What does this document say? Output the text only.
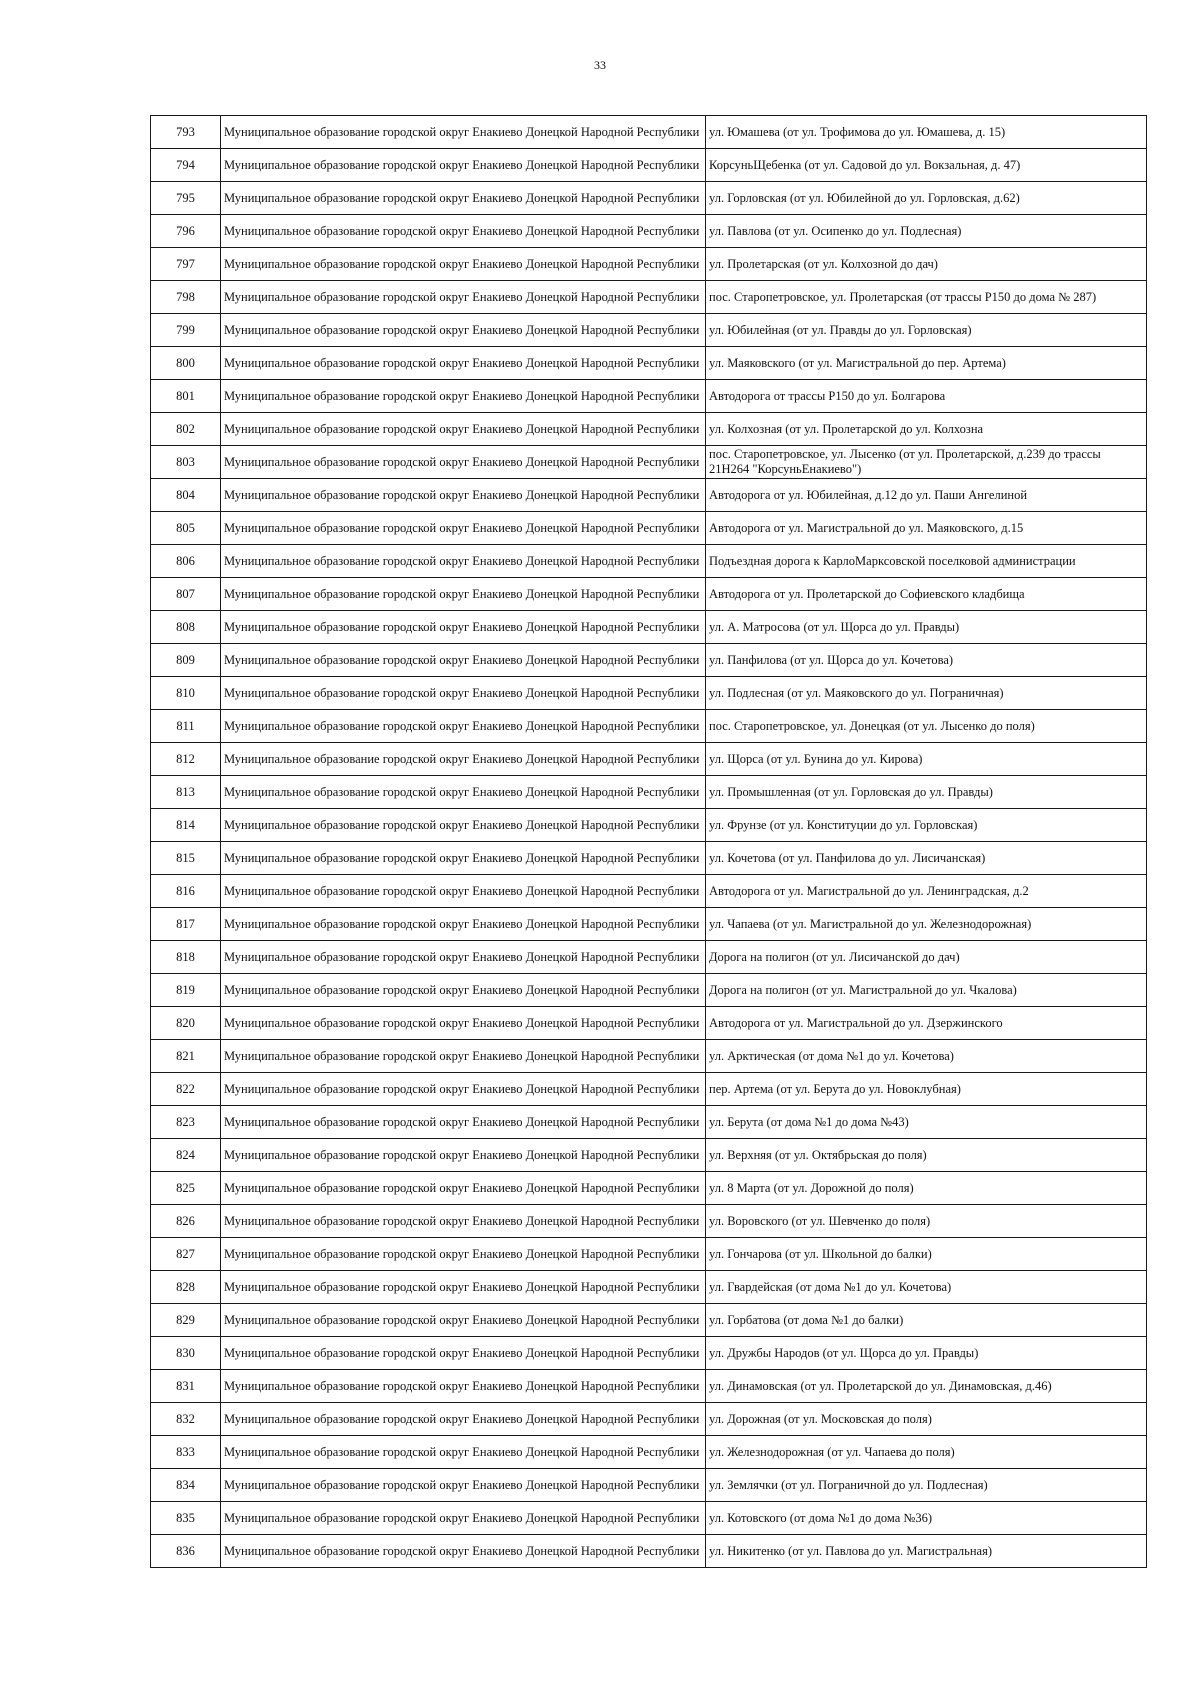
33
793	Муниципальное образование городской округ Енакиево Донецкой Народной Республики	ул. Юмашева (от ул. Трофимова до ул. Юмашева, д. 15)
794	Муниципальное образование городской округ Енакиево Донецкой Народной Республики	КорсуньЩебенка (от ул. Садовой до ул. Вокзальная, д. 47)
795	Муниципальное образование городской округ Енакиево Донецкой Народной Республики	ул. Горловская (от ул. Юбилейной до ул. Горловская, д.62)
796	Муниципальное образование городской округ Енакиево Донецкой Народной Республики	ул. Павлова (от ул. Осипенко до ул. Подлесная)
797	Муниципальное образование городской округ Енакиево Донецкой Народной Республики	ул. Пролетарская (от ул. Колхозной до дач)
798	Муниципальное образование городской округ Енакиево Донецкой Народной Республики	пос. Старопетровское, ул. Пролетарская (от трассы Р150 до дома № 287)
799	Муниципальное образование городской округ Енакиево Донецкой Народной Республики	ул. Юбилейная (от ул. Правды до ул. Горловская)
800	Муниципальное образование городской округ Енакиево Донецкой Народной Республики	ул. Маяковского (от ул. Магистральной до пер. Артема)
801	Муниципальное образование городской округ Енакиево Донецкой Народной Республики	Автодорога от трассы Р150 до ул. Болгарова
802	Муниципальное образование городской округ Енакиево Донецкой Народной Республики	ул. Колхозная (от ул. Пролетарской до ул. Колхозна
803	Муниципальное образование городской округ Енакиево Донецкой Народной Республики	пос. Старопетровское, ул. Лысенко (от ул. Пролетарской, д.239 до трассы 21Н264 "КорсуньЕнакиево")
804	Муниципальное образование городской округ Енакиево Донецкой Народной Республики	Автодорога от ул. Юбилейная, д.12 до ул. Паши Ангелиной
805	Муниципальное образование городской округ Енакиево Донецкой Народной Республики	Автодорога от ул. Магистральной до ул. Маяковского, д.15
806	Муниципальное образование городской округ Енакиево Донецкой Народной Республики	Подъездная дорога к КарлоМарксовской поселковой администрации
807	Муниципальное образование городской округ Енакиево Донецкой Народной Республики	Автодорога от ул. Пролетарской до Софиевского кладбища
808	Муниципальное образование городской округ Енакиево Донецкой Народной Республики	ул. А. Матросова (от ул. Щорса до ул. Правды)
809	Муниципальное образование городской округ Енакиево Донецкой Народной Республики	ул. Панфилова (от ул. Щорса до ул. Кочетова)
810	Муниципальное образование городской округ Енакиево Донецкой Народной Республики	ул. Подлесная (от ул. Маяковского до ул. Пограничная)
811	Муниципальное образование городской округ Енакиево Донецкой Народной Республики	пос. Старопетровское, ул. Донецкая (от ул. Лысенко до поля)
812	Муниципальное образование городской округ Енакиево Донецкой Народной Республики	ул. Щорса (от ул. Бунина до ул. Кирова)
813	Муниципальное образование городской округ Енакиево Донецкой Народной Республики	ул. Промышленная (от ул. Горловская до ул. Правды)
814	Муниципальное образование городской округ Енакиево Донецкой Народной Республики	ул. Фрунзе (от ул. Конституции до ул. Горловская)
815	Муниципальное образование городской округ Енакиево Донецкой Народной Республики	ул. Кочетова (от ул. Панфилова до ул. Лисичанская)
816	Муниципальное образование городской округ Енакиево Донецкой Народной Республики	Автодорога от ул. Магистральной до ул. Ленинградская, д.2
817	Муниципальное образование городской округ Енакиево Донецкой Народной Республики	ул. Чапаева (от ул. Магистральной до ул. Железнодорожная)
818	Муниципальное образование городской округ Енакиево Донецкой Народной Республики	Дорога на полигон (от ул. Лисичанской до дач)
819	Муниципальное образование городской округ Енакиево Донецкой Народной Республики	Дорога на полигон (от ул. Магистральной до ул. Чкалова)
820	Муниципальное образование городской округ Енакиево Донецкой Народной Республики	Автодорога от ул. Магистральной до ул. Дзержинского
821	Муниципальное образование городской округ Енакиево Донецкой Народной Республики	ул. Арктическая (от дома №1 до ул. Кочетова)
822	Муниципальное образование городской округ Енакиево Донецкой Народной Республики	пер. Артема (от ул. Берута до ул. Новоклубная)
823	Муниципальное образование городской округ Енакиево Донецкой Народной Республики	ул. Берута (от дома №1 до дома №43)
824	Муниципальное образование городской округ Енакиево Донецкой Народной Республики	ул. Верхняя (от ул. Октябрьская до поля)
825	Муниципальное образование городской округ Енакиево Донецкой Народной Республики	ул. 8 Марта (от ул. Дорожной до поля)
826	Муниципальное образование городской округ Енакиево Донецкой Народной Республики	ул. Воровского (от ул. Шевченко до поля)
827	Муниципальное образование городской округ Енакиево Донецкой Народной Республики	ул. Гончарова (от ул. Школьной до балки)
828	Муниципальное образование городской округ Енакиево Донецкой Народной Республики	ул. Гвардейская (от дома №1 до ул. Кочетова)
829	Муниципальное образование городской округ Енакиево Донецкой Народной Республики	ул. Горбатова (от дома №1 до балки)
830	Муниципальное образование городской округ Енакиево Донецкой Народной Республики	ул. Дружбы Народов (от ул. Щорса до ул. Правды)
831	Муниципальное образование городской округ Енакиево Донецкой Народной Республики	ул. Динамовская (от ул. Пролетарской до ул. Динамовская, д.46)
832	Муниципальное образование городской округ Енакиево Донецкой Народной Республики	ул. Дорожная (от ул. Московская до поля)
833	Муниципальное образование городской округ Енакиево Донецкой Народной Республики	ул. Железнодорожная (от ул. Чапаева до поля)
834	Муниципальное образование городской округ Енакиево Донецкой Народной Республики	ул. Землячки (от ул. Пограничной до ул. Подлесная)
835	Муниципальное образование городской округ Енакиево Донецкой Народной Республики	ул. Котовского (от дома №1 до дома №36)
836	Муниципальное образование городской округ Енакиево Донецкой Народной Республики	ул. Никитенко (от ул. Павлова до ул. Магистральная)
